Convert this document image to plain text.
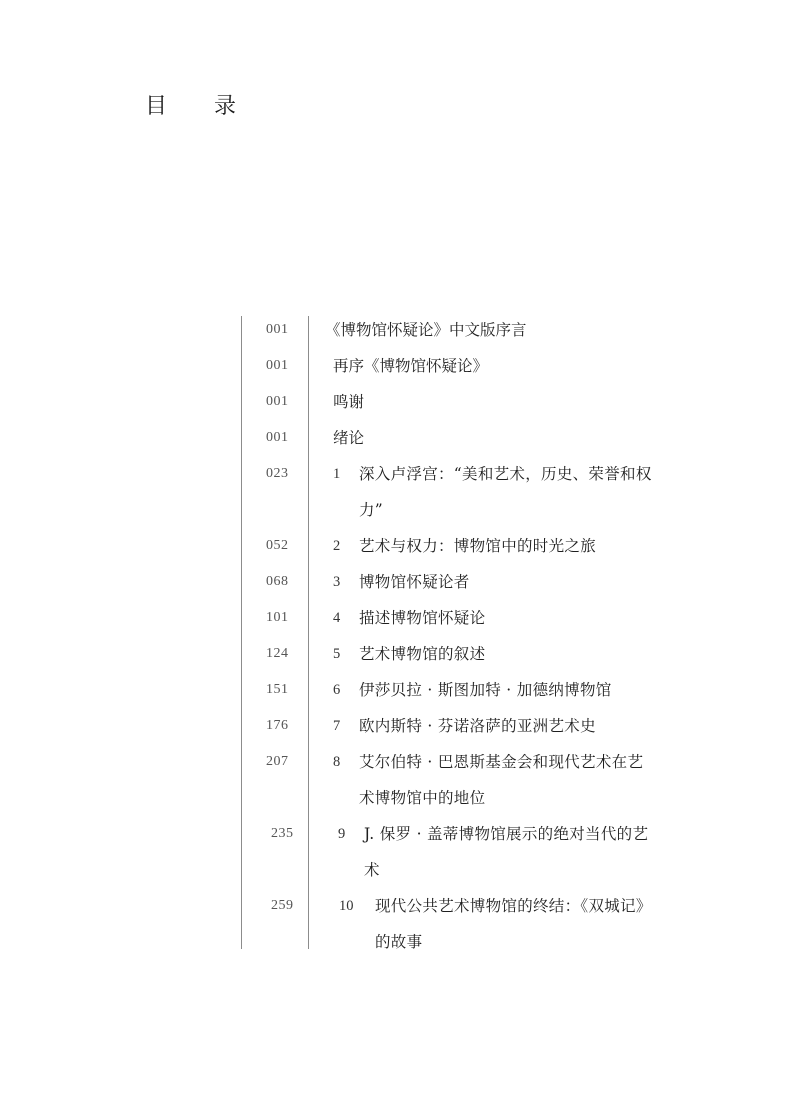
目 录
001	《博物馆怀疑论》中文版序言
001	再序《博物馆怀疑论》
001	鸣谢
001	绪论
023	1	深入卢浮宫：“美和艺术，历史、荣誉和权力”
052	2	艺术与权力：博物馆中的时光之旅
068	3	博物馆怀疑论者
101	4	描述博物馆怀疑论
124	5	艺术博物馆的叙述
151	6	伊莎贝拉 · 斯图加特 · 加德纳博物馆
176	7	欧内斯特 · 芬诺洛萨的亚洲艺术史
207	8	艾尔伯特 · 巴恩斯基金会和现代艺术在艺术博物馆中的地位
235	9	J. 保罗 · 盖蒂博物馆展示的绝对当代的艺术
259	10	现代公共艺术博物馆的终结：《双城记》的故事
